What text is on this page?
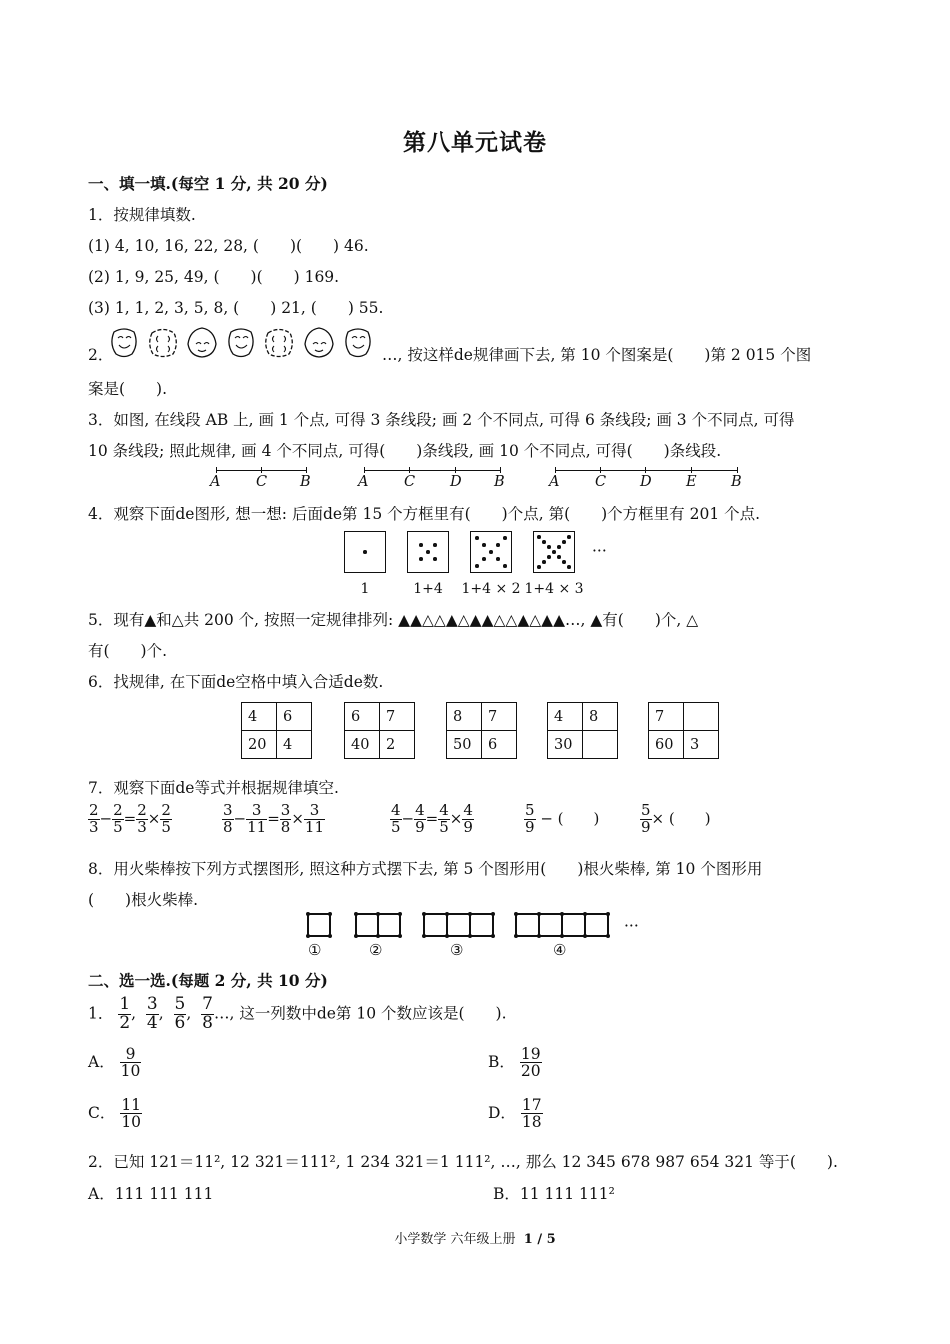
第八单元试卷
一、填一填.(每空 1 分, 共 20 分)
1．按规律填数.
(1) 4, 10, 16, 22, 28, (　　)(　　) 46.
(2) 1, 9, 25, 49, (　　)(　　) 169.
(3) 1, 1, 2, 3, 5, 8, (　　) 21, (　　) 55.
2．	…, 按这样de规律画下去, 第 10 个图案是(　　)第 2 015 个图
案是(　　).
3．如图, 在线段 AB 上, 画 1 个点, 可得 3 条线段; 画 2 个不同点, 可得 6 条线段; 画 3 个不同点, 可得
10 条线段; 照此规律, 画 4 个不同点, 可得(　　)条线段, 画 10 个不同点, 可得(　　)条线段.
A C B	A C D B	A C D E B
4．观察下面de图形, 想一想: 后面de第 15 个方框里有(　　)个点, 第(　　)个方框里有 201 个点.
···
1	1+4	1+4 × 2 1+4 × 3
5．现有▲和△共 200 个, 按照一定规律排列: ▲▲△△▲△▲▲△△▲△▲▲…, ▲有(　　)个, △
有(　　)个.
6．找规律, 在下面de空格中填入合适de数.
4	6
20	4
6	7
40	2
8	7
50	6
4	8
30	
7	
60	3
7．观察下面de等式并根据规律填空.
$\frac{2}{3} - \frac{2}{5} = \frac{2}{3} \times \frac{2}{5}$	$\frac{3}{8} - \frac{3}{11} = \frac{3}{8} \times \frac{3}{11}$	$\frac{4}{5} - \frac{4}{9} = \frac{4}{5} \times \frac{4}{9}$	$\frac{5}{9}$ − (　　)	$\frac{5}{9}$ × (　　)
8．用火柴棒按下列方式摆图形, 照这种方式摆下去, 第 5 个图形用(　　)根火柴棒, 第 10 个图形用
(　　)根火柴棒.
···
①	②	③	④
二、选一选.(每题 2 分, 共 10 分)
1． $\frac{1}{2}$ , $\frac{3}{4}$ , $\frac{5}{6}$ , $\frac{7}{8}$ …, 这一列数中de第 10 个数应该是(　　).
A． $\frac{9}{10}$	B． $\frac{19}{20}$
C． $\frac{11}{10}$	D． $\frac{17}{18}$
2．已知 121＝11², 12 321＝111², 1 234 321＝1 111², …, 那么 12 345 678 987 654 321 等于(　　).
A．111 111 111	B．11 111 111²
小学数学 六年级上册 1 / 5
